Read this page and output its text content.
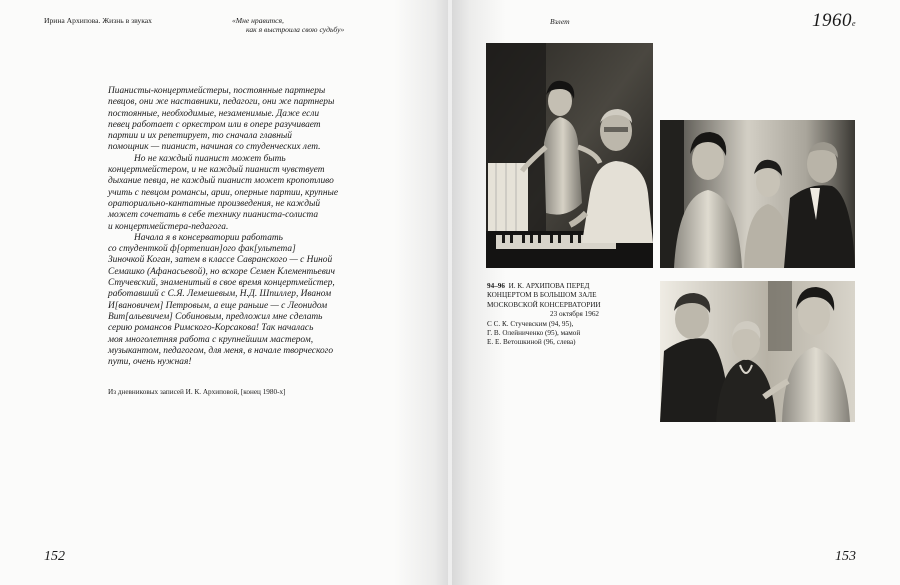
Ирина Архипова. Жизнь в звуках	«Мне нравится,
как я выстроила свою судьбу»

Пианисты-концертмейстеры, постоянные партнеры
певцов, они же наставники, педагоги, они же партнеры
постоянные, необходимые, незаменимые. Даже если
певец работает с оркестром или в опере разучивает
партии и их репетирует, то сначала главный
помощник — пианист, начиная со студенческих лет.

Но не каждый пианист может быть
концертмейстером, и не каждый пианист чувствует
дыхание певца, не каждый пианист может кропотливо
учить с певцом романсы, арии, оперные партии, крупные
ораториально-кантатные произведения, не каждый
может сочетать в себе технику пианиста-солиста
и концертмейстера-педагога.

Начала я в консерватории работать
со студенткой ф[ортепиан]ого фак[ультета]
Зиночкой Коган, затем в классе Савранского — с Ниной
Семашко (Афанасьевой), но вскоре Семен Клементьевич
Стучевский, знаменитый в свое время концертмейстер,
работавший с С.Я. Лемешевым, Н.Д. Шпиллер, Иваном
И[вановичем] Петровым, а еще раньше — с Леонидом
Вит[альевичем] Собиновым, предложил мне сделать
серию романсов Римского-Корсакова! Так началась
моя многолетняя работа с крупнейшим мастером,
музыкантом, педагогом, для меня, в начале творческого
пути, очень нужная!

Из дневниковых записей И. К. Архиповой, [конец 1980-х]
152
Взлет	1960е
153
94–96 И. К. АРХИПОВА ПЕРЕД
КОНЦЕРТОМ В БОЛЬШОМ ЗАЛЕ
МОСКОВСКОЙ КОНСЕРВАТОРИИ
23 октября 1962
С С. К. Стучевским (94, 95),
Г. В. Олейниченко (95), мамой
Е. Е. Ветошкиной (96, слева)
